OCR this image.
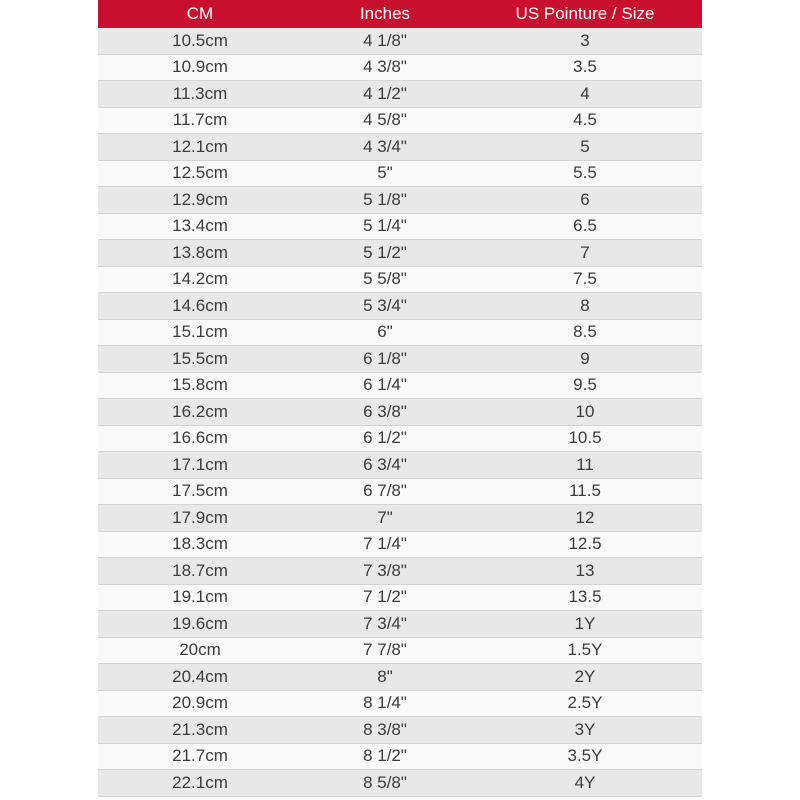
CM	Inches	US Pointure / Size
10.5cm	4 1/8"	3
10.9cm	4 3/8"	3.5
11.3cm	4 1/2"	4
11.7cm	4 5/8"	4.5
12.1cm	4 3/4"	5
12.5cm	5"	5.5
12.9cm	5 1/8"	6
13.4cm	5 1/4"	6.5
13.8cm	5 1/2"	7
14.2cm	5 5/8"	7.5
14.6cm	5 3/4"	8
15.1cm	6"	8.5
15.5cm	6 1/8"	9
15.8cm	6 1/4"	9.5
16.2cm	6 3/8"	10
16.6cm	6 1/2"	10.5
17.1cm	6 3/4"	11
17.5cm	6 7/8"	11.5
17.9cm	7"	12
18.3cm	7 1/4"	12.5
18.7cm	7 3/8"	13
19.1cm	7 1/2"	13.5
19.6cm	7 3/4"	1Y
20cm	7 7/8"	1.5Y
20.4cm	8"	2Y
20.9cm	8 1/4"	2.5Y
21.3cm	8 3/8"	3Y
21.7cm	8 1/2"	3.5Y
22.1cm	8 5/8"	4Y
